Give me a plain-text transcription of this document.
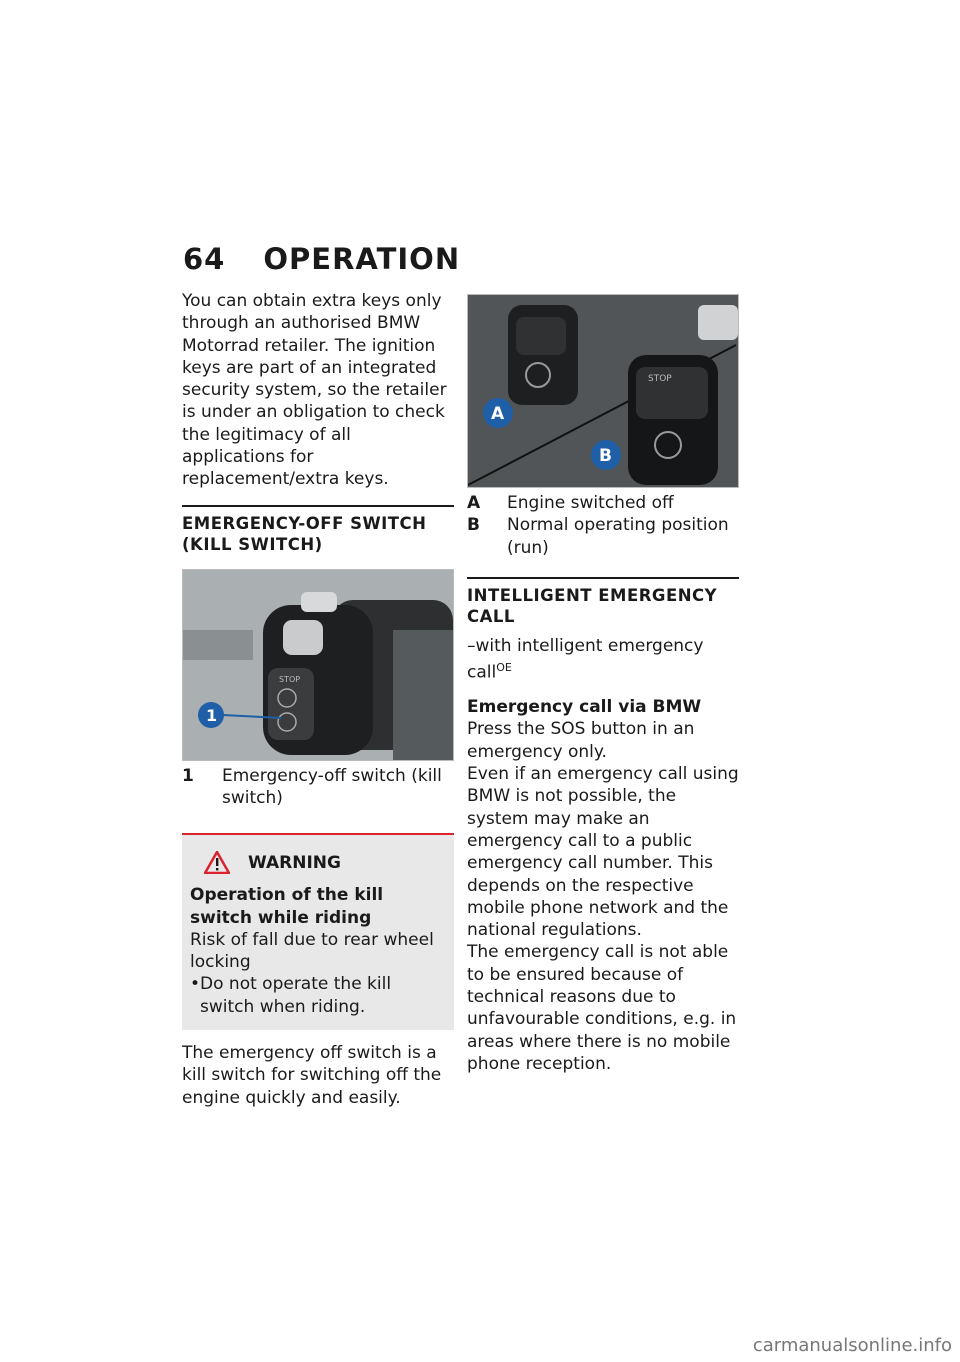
64 OPERATION

You can obtain extra keys only through an authorised BMW Motorrad retailer. The ignition keys are part of an integrated security system, so the retailer is under an obligation to check the legitimacy of all applications for replacement/extra keys.

EMERGENCY-OFF SWITCH (KILL SWITCH)
STOP
1
1	Emergency-off switch (kill switch)
WARNING

Operation of the kill switch while riding

Risk of fall due to rear wheel locking

• Do not operate the kill switch when riding.

The emergency off switch is a kill switch for switching off the engine quickly and easily.

STOP
A
B
A	Engine switched off
B	Normal operating position (run)
INTELLIGENT EMERGENCY CALL

–with intelligent emergency call$^{OE}$

Emergency call via BMW

Press the SOS button in an emergency only.

Even if an emergency call using BMW is not possible, the system may make an emergency call to a public emergency call number. This depends on the respective mobile phone network and the national regulations.

The emergency call is not able to be ensured because of technical reasons due to unfavourable conditions, e.g. in areas where there is no mobile phone reception.

carmanualsonline.info
